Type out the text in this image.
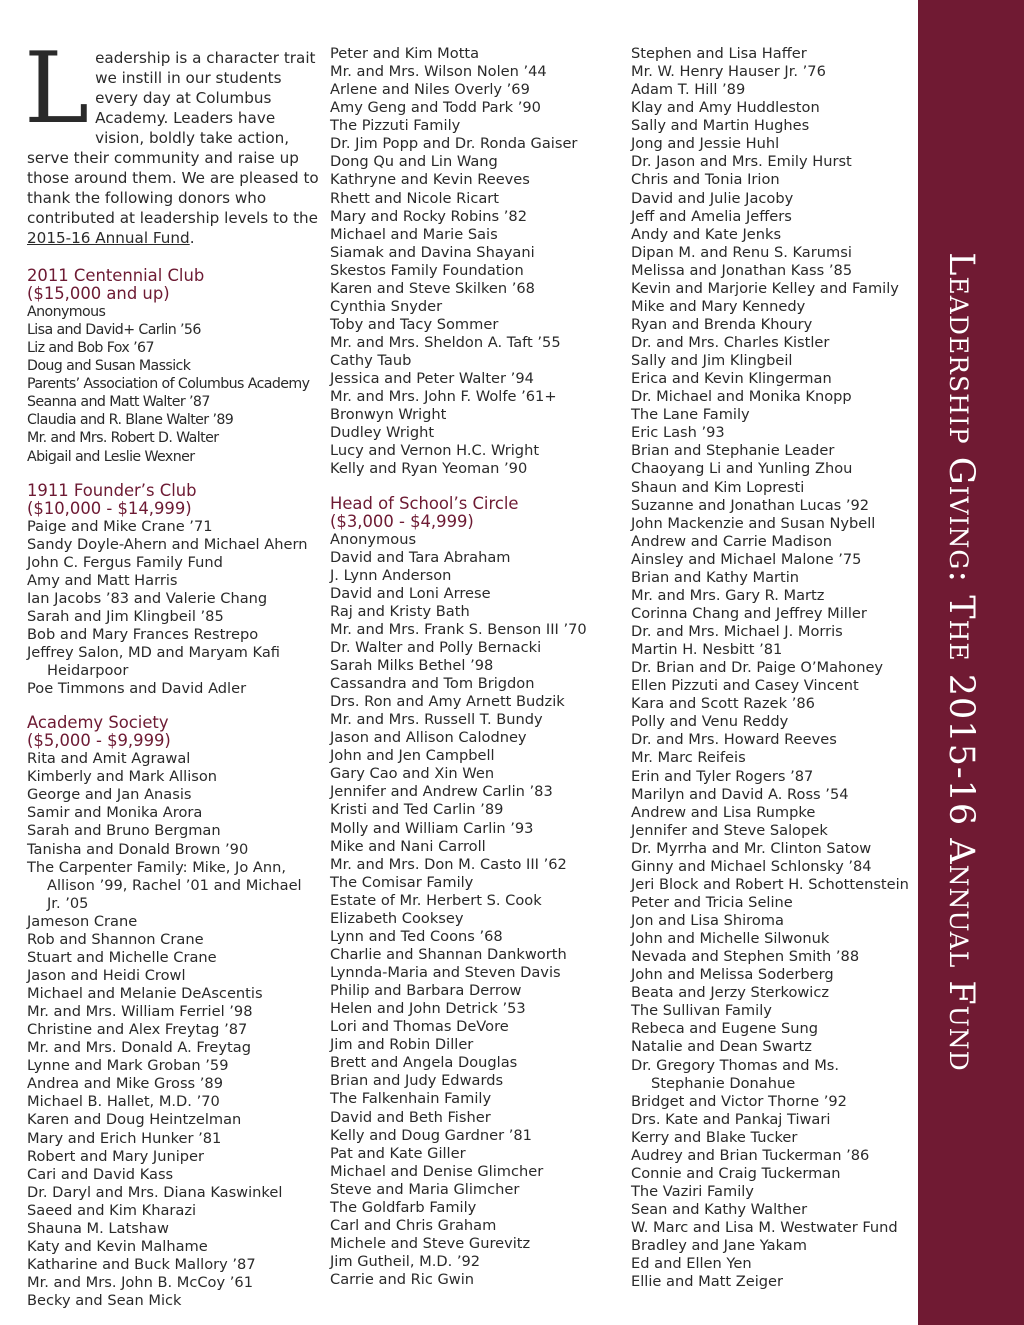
Leadership is a character trait we instill in our students every day at Columbus Academy. Leaders have vision, boldly take action, serve their community and raise up those around them. We are pleased to thank the following donors who contributed at leadership levels to the 2015-16 Annual Fund.
2011 Centennial Club
($15,000 and up)
Anonymous
Lisa and David+ Carlin ’56
Liz and Bob Fox ’67
Doug and Susan Massick
Parents’ Association of Columbus Academy
Seanna and Matt Walter ’87
Claudia and R. Blane Walter ’89
Mr. and Mrs. Robert D. Walter
Abigail and Leslie Wexner
1911 Founder’s Club
($10,000 - $14,999)
Paige and Mike Crane ’71
Sandy Doyle-Ahern and Michael Ahern
John C. Fergus Family Fund
Amy and Matt Harris
Ian Jacobs ’83 and Valerie Chang
Sarah and Jim Klingbeil ’85
Bob and Mary Frances Restrepo
Jeffrey Salon, MD and Maryam Kafi Heidarpoor
Poe Timmons and David Adler
Academy Society
($5,000 - $9,999)
Rita and Amit Agrawal
Kimberly and Mark Allison
George and Jan Anasis
Samir and Monika Arora
Sarah and Bruno Bergman
Tanisha and Donald Brown ’90
The Carpenter Family: Mike, Jo Ann, Allison ’99, Rachel ’01 and Michael Jr. ’05
Jameson Crane
Rob and Shannon Crane
Stuart and Michelle Crane
Jason and Heidi Crowl
Michael and Melanie DeAscentis
Mr. and Mrs. William Ferriel ’98
Christine and Alex Freytag ’87
Mr. and Mrs. Donald A. Freytag
Lynne and Mark Groban ’59
Andrea and Mike Gross ’89
Michael B. Hallet, M.D. ’70
Karen and Doug Heintzelman
Mary and Erich Hunker ’81
Robert and Mary Juniper
Cari and David Kass
Dr. Daryl and Mrs. Diana Kaswinkel
Saeed and Kim Kharazi
Shauna M. Latshaw
Katy and Kevin Malhame
Katharine and Buck Mallory ’87
Mr. and Mrs. John B. McCoy ’61
Becky and Sean Mick
Peter and Kim Motta
Mr. and Mrs. Wilson Nolen ’44
Arlene and Niles Overly ’69
Amy Geng and Todd Park ’90
The Pizzuti Family
Dr. Jim Popp and Dr. Ronda Gaiser
Dong Qu and Lin Wang
Kathryne and Kevin Reeves
Rhett and Nicole Ricart
Mary and Rocky Robins ’82
Michael and Marie Sais
Siamak and Davina Shayani
Skestos Family Foundation
Karen and Steve Skilken ’68
Cynthia Snyder
Toby and Tacy Sommer
Mr. and Mrs. Sheldon A. Taft ’55
Cathy Taub
Jessica and Peter Walter ’94
Mr. and Mrs. John F. Wolfe ’61+
Bronwyn Wright
Dudley Wright
Lucy and Vernon H.C. Wright
Kelly and Ryan Yeoman ’90
Head of School’s Circle
($3,000 - $4,999)
Anonymous
David and Tara Abraham
J. Lynn Anderson
David and Loni Arrese
Raj and Kristy Bath
Mr. and Mrs. Frank S. Benson III ’70
Dr. Walter and Polly Bernacki
Sarah Milks Bethel ’98
Cassandra and Tom Brigdon
Drs. Ron and Amy Arnett Budzik
Mr. and Mrs. Russell T. Bundy
Jason and Allison Calodney
John and Jen Campbell
Gary Cao and Xin Wen
Jennifer and Andrew Carlin ’83
Kristi and Ted Carlin ’89
Molly and William Carlin ’93
Mike and Nani Carroll
Mr. and Mrs. Don M. Casto III ’62
The Comisar Family
Estate of Mr. Herbert S. Cook
Elizabeth Cooksey
Lynn and Ted Coons ’68
Charlie and Shannan Dankworth
Lynnda-Maria and Steven Davis
Philip and Barbara Derrow
Helen and John Detrick ’53
Lori and Thomas DeVore
Jim and Robin Diller
Brett and Angela Douglas
Brian and Judy Edwards
The Falkenhain Family
David and Beth Fisher
Kelly and Doug Gardner ’81
Pat and Kate Giller
Michael and Denise Glimcher
Steve and Maria Glimcher
The Goldfarb Family
Carl and Chris Graham
Michele and Steve Gurevitz
Jim Gutheil, M.D. ’92
Carrie and Ric Gwin
Stephen and Lisa Haffer
Mr. W. Henry Hauser Jr. ’76
Adam T. Hill ’89
Klay and Amy Huddleston
Sally and Martin Hughes
Jong and Jessie Huhl
Dr. Jason and Mrs. Emily Hurst
Chris and Tonia Irion
David and Julie Jacoby
Jeff and Amelia Jeffers
Andy and Kate Jenks
Dipan M. and Renu S. Karumsi
Melissa and Jonathan Kass ’85
Kevin and Marjorie Kelley and Family
Mike and Mary Kennedy
Ryan and Brenda Khoury
Dr. and Mrs. Charles Kistler
Sally and Jim Klingbeil
Erica and Kevin Klingerman
Dr. Michael and Monika Knopp
The Lane Family
Eric Lash ’93
Brian and Stephanie Leader
Chaoyang Li and Yunling Zhou
Shaun and Kim Lopresti
Suzanne and Jonathan Lucas ’92
John Mackenzie and Susan Nybell
Andrew and Carrie Madison
Ainsley and Michael Malone ’75
Brian and Kathy Martin
Mr. and Mrs. Gary R. Martz
Corinna Chang and Jeffrey Miller
Dr. and Mrs. Michael J. Morris
Martin H. Nesbitt ’81
Dr. Brian and Dr. Paige O’Mahoney
Ellen Pizzuti and Casey Vincent
Kara and Scott Razek ’86
Polly and Venu Reddy
Dr. and Mrs. Howard Reeves
Mr. Marc Reifeis
Erin and Tyler Rogers ’87
Marilyn and David A. Ross ’54
Andrew and Lisa Rumpke
Jennifer and Steve Salopek
Dr. Myrrha and Mr. Clinton Satow
Ginny and Michael Schlonsky ’84
Jeri Block and Robert H. Schottenstein
Peter and Tricia Seline
Jon and Lisa Shiroma
John and Michelle Silwonuk
Nevada and Stephen Smith ’88
John and Melissa Soderberg
Beata and Jerzy Sterkowicz
The Sullivan Family
Rebeca and Eugene Sung
Natalie and Dean Swartz
Dr. Gregory Thomas and Ms. Stephanie Donahue
Bridget and Victor Thorne ’92
Drs. Kate and Pankaj Tiwari
Kerry and Blake Tucker
Audrey and Brian Tuckerman ’86
Connie and Craig Tuckerman
The Vaziri Family
Sean and Kathy Walther
W. Marc and Lisa M. Westwater Fund
Bradley and Jane Yakam
Ed and Ellen Yen
Ellie and Matt Zeiger
Leadership Giving: The 2015-16 Annual Fund
